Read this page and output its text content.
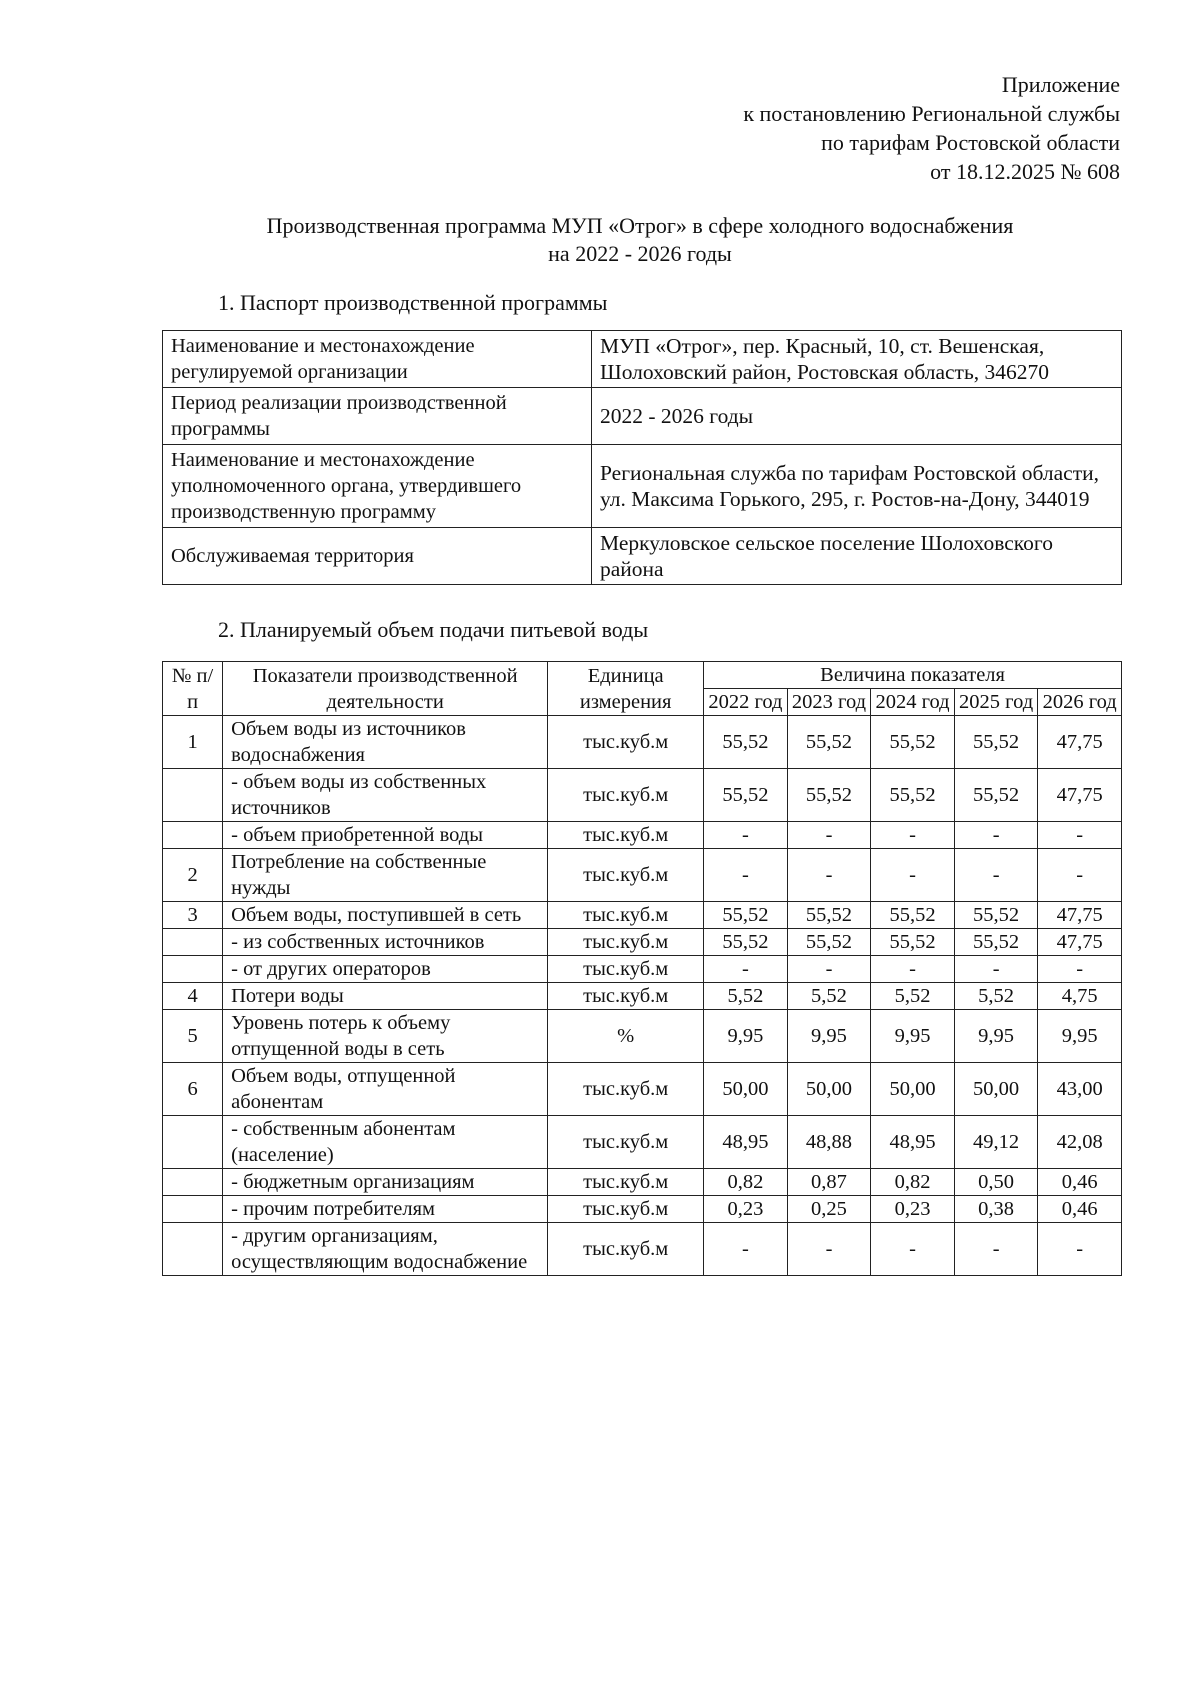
Приложение
к постановлению Региональной службы
по тарифам Ростовской области
от 18.12.2025 № 608
Производственная программа МУП «Отрог» в сфере холодного водоснабжения
на 2022 - 2026 годы
1. Паспорт производственной программы
Наименование и местонахождение регулируемой организации	МУП «Отрог», пер. Красный, 10, ст. Вешенская, Шолоховский район, Ростовская область, 346270
Период реализации производственной программы	2022 - 2026 годы
Наименование и местонахождение уполномоченного органа, утвердившего производственную программу	Региональная служба по тарифам Ростовской области, ул. Максима Горького, 295, г. Ростов-на-Дону, 344019
Обслуживаемая территория	Меркуловское сельское поселение Шолоховского района
2. Планируемый объем подачи питьевой воды
№ п/п	Показатели производственной деятельности	Единица измерения	Величина показателя				
			2022 год	2023 год	2024 год	2025 год	2026 год
1	Объем воды из источников водоснабжения	тыс.куб.м	55,52	55,52	55,52	55,52	47,75
	- объем воды из собственных источников	тыс.куб.м	55,52	55,52	55,52	55,52	47,75
	- объем приобретенной воды	тыс.куб.м	-	-	-	-	-
2	Потребление на собственные нужды	тыс.куб.м	-	-	-	-	-
3	Объем воды, поступившей в сеть	тыс.куб.м	55,52	55,52	55,52	55,52	47,75
	- из собственных источников	тыс.куб.м	55,52	55,52	55,52	55,52	47,75
	- от других операторов	тыс.куб.м	-	-	-	-	-
4	Потери воды	тыс.куб.м	5,52	5,52	5,52	5,52	4,75
5	Уровень потерь к объему отпущенной воды в сеть	%	9,95	9,95	9,95	9,95	9,95
6	Объем воды, отпущенной абонентам	тыс.куб.м	50,00	50,00	50,00	50,00	43,00
	- собственным абонентам (население)	тыс.куб.м	48,95	48,88	48,95	49,12	42,08
	- бюджетным организациям	тыс.куб.м	0,82	0,87	0,82	0,50	0,46
	- прочим потребителям	тыс.куб.м	0,23	0,25	0,23	0,38	0,46
	- другим организациям, осуществляющим водоснабжение	тыс.куб.м	-	-	-	-	-
